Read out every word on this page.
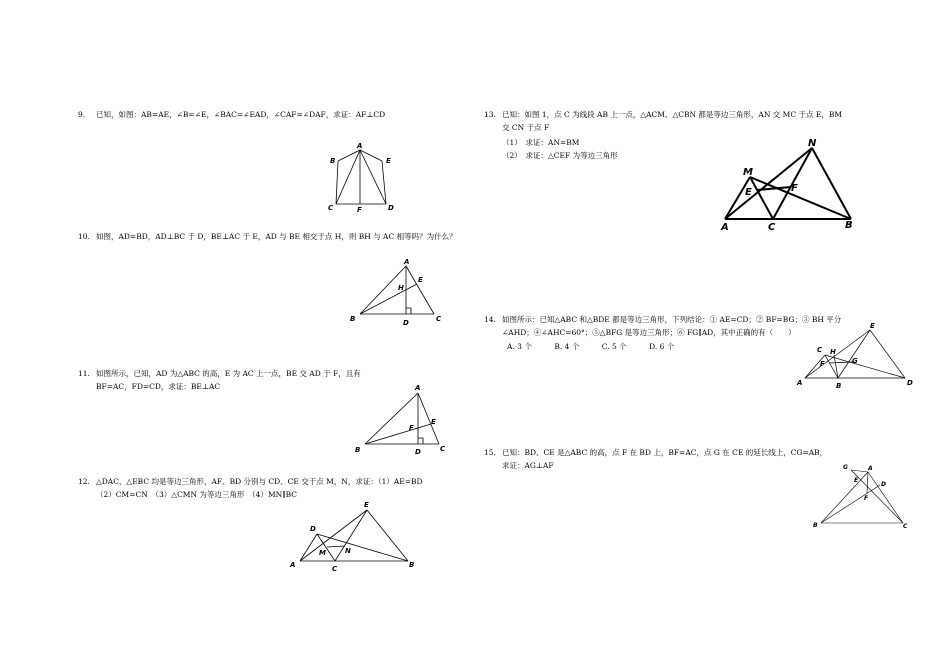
9. 已知，如图：AB=AE，∠B=∠E，∠BAC=∠EAD，∠CAF=∠DAF，求证：AF⊥CD
A
B	E
C	F	D
10. 如图，AD=BD，AD⊥BC 于 D，BE⊥AC 于 E，AD 与 BE 相交于点 H，则 BH 与 AC 相等吗？为什么？
A
E
H
B	D	C
11. 如图所示，已知，AD 为△ABC 的高，E 为 AC 上一点，BE 交 AD 于 F，且有
BF=AC，FD=CD，求证：BE⊥AC	A
E
F
B	D	C
12. △DAC、△EBC 均是等边三角形，AF、BD 分别与 CD、CE 交于点 M、N，求证：（1）AE=BD
（2）CM=CN　（3）△CMN 为等边三角形　（4）MN∥BC
E
D
M	N
A	C	B
13. 已知：如图 1，点 C 为线段 AB 上一点，△ACM、△CBN 都是等边三角形，AN 交 MC 于点 E，BM
交 CN 于点 F
（1）　求证：AN=BM
（2）　求证：△CEF 为等边三角形
N
M
E	F
A	C	B
14. 如图所示：已知△ABC 和△BDE 都是等边三角形，下列结论：① AE=CD；② BF=BG；③ BH 平分
∠AHD；④∠AHC=60°；⑤△BFG 是等边三角形；⑥ FG∥AD，其中正确的有（　　）
A. 3 个　　　B. 4 个　　　C. 5 个　　　D. 6 个
E
C H
G
F
A	B	D
15. 已知：BD、CE 是△ABC 的高，点 F 在 BD 上，BF=AC，点 G 在 CE 的延长线上，CG=AB，
求证：AG⊥AF	G	A
E
D
F
B	C
